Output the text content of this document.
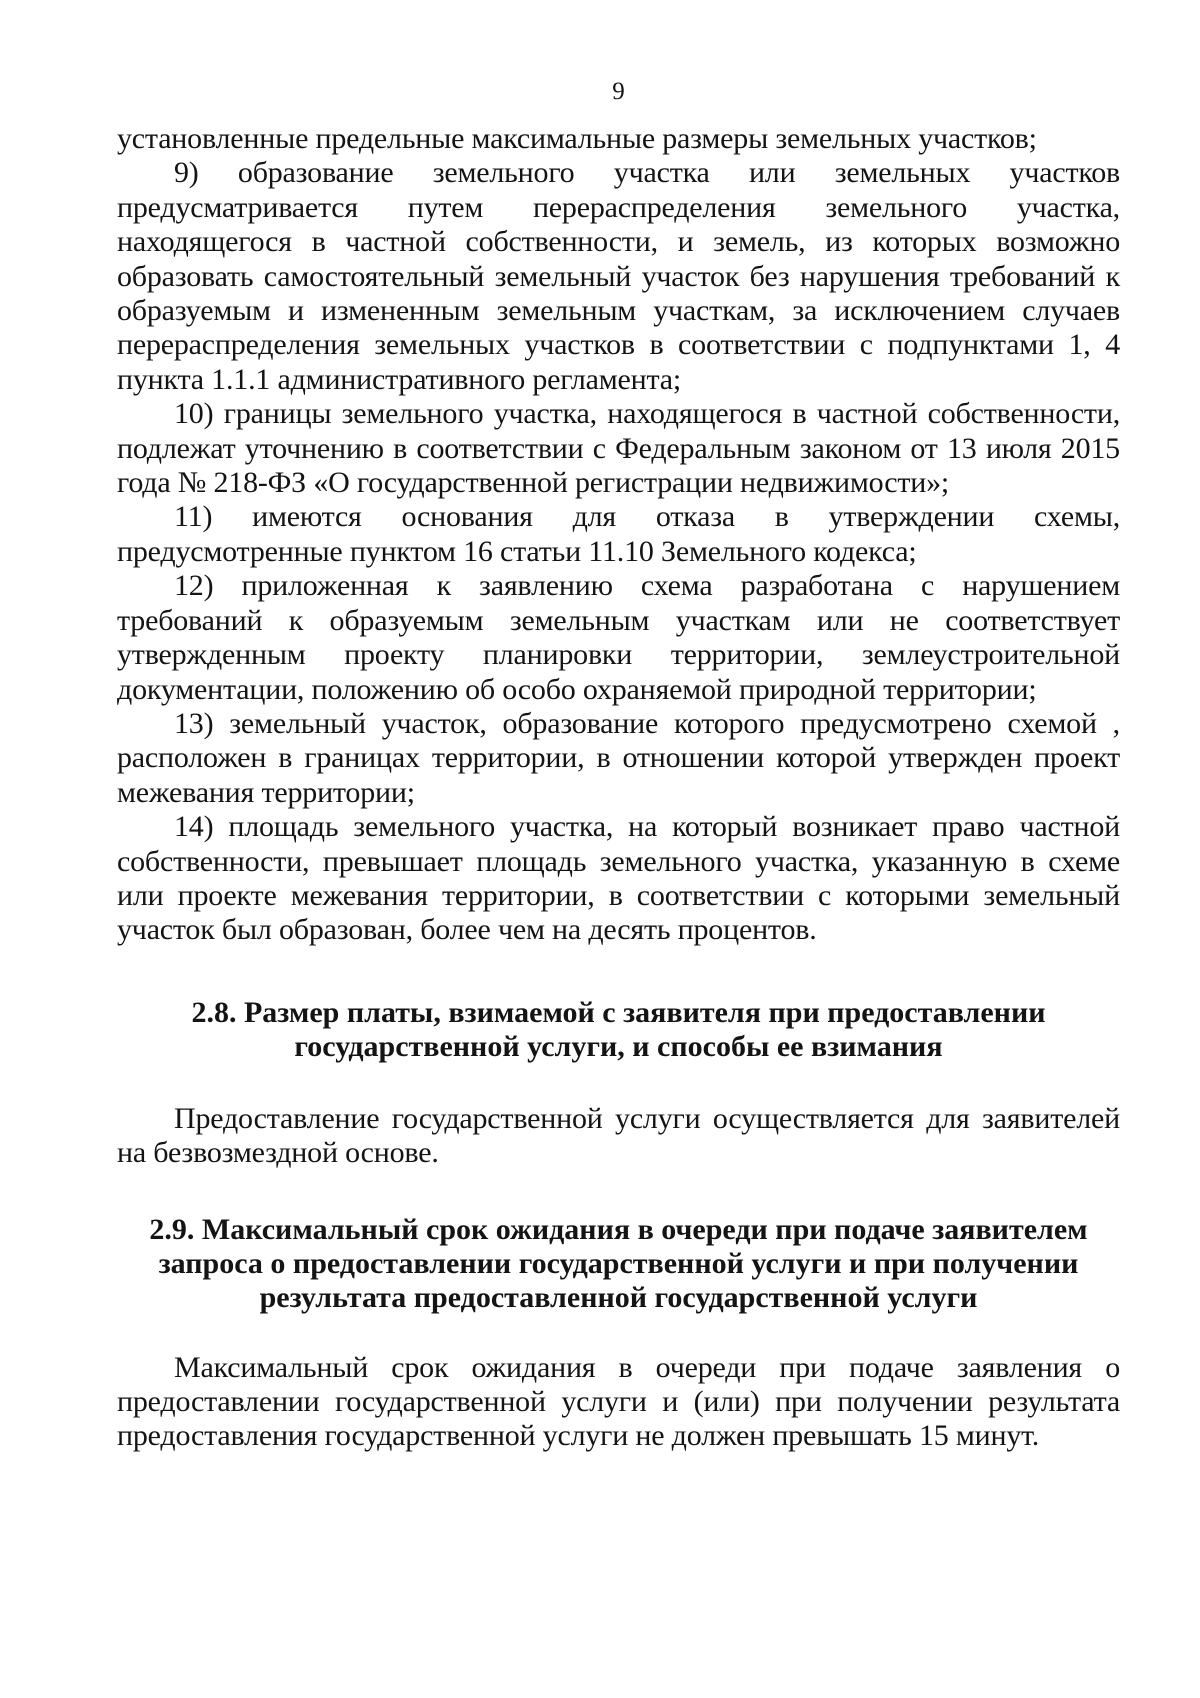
9

установленные предельные максимальные размеры земельных участков;

9) образование земельного участка или земельных участков предусматривается путем перераспределения земельного участка, находящегося в частной собственности, и земель, из которых возможно образовать самостоятельный земельный участок без нарушения требований к образуемым и измененным земельным участкам, за исключением случаев перераспределения земельных участков в соответствии с подпунктами 1, 4 пункта 1.1.1 административного регламента;

10) границы земельного участка, находящегося в частной собственности, подлежат уточнению в соответствии с Федеральным законом от 13 июля 2015 года № 218-ФЗ «О государственной регистрации недвижимости»;

11) имеются основания для отказа в утверждении схемы, предусмотренные пунктом 16 статьи 11.10 Земельного кодекса;

12) приложенная к заявлению схема разработана с нарушением требований к образуемым земельным участкам или не соответствует утвержденным проекту планировки территории, землеустроительной документации, положению об особо охраняемой природной территории;

13) земельный участок, образование которого предусмотрено схемой , расположен в границах территории, в отношении которой утвержден проект межевания территории;

14) площадь земельного участка, на который возникает право частной собственности, превышает площадь земельного участка, указанную в схеме или проекте межевания территории, в соответствии с которыми земельный участок был образован, более чем на десять процентов.

2.8. Размер платы, взимаемой с заявителя при предоставлении
государственной услуги, и способы ее взимания

Предоставление государственной услуги осуществляется для заявителей на безвозмездной основе.

2.9. Максимальный срок ожидания в очереди при подаче заявителем
запроса о предоставлении государственной услуги и при получении
результата предоставленной государственной услуги

Максимальный срок ожидания в очереди при подаче заявления о предоставлении государственной услуги и (или) при получении результата предоставления государственной услуги не должен превышать 15 минут.
